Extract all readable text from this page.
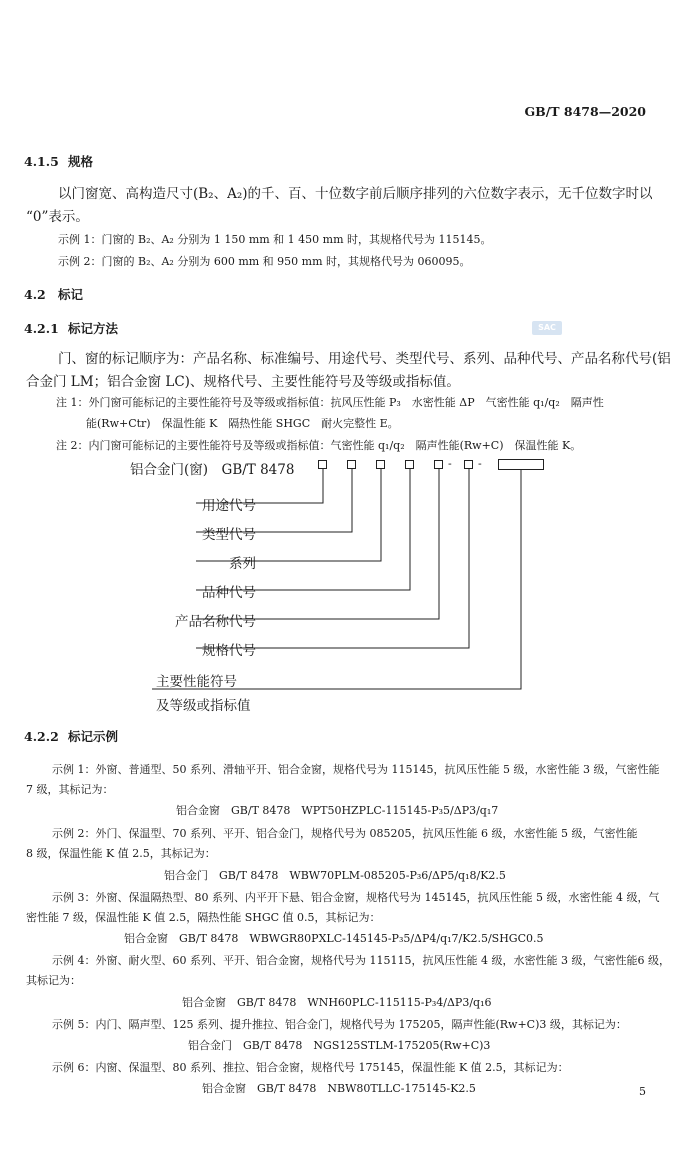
GB/T 8478—2020
4.1.5 规格
以门窗宽、高构造尺寸(B₂、A₂)的千、百、十位数字前后顺序排列的六位数字表示，无千位数字时以
“0”表示。
示例 1：门窗的 B₂、A₂ 分别为 1 150 mm 和 1 450 mm 时，其规格代号为 115145。
示例 2：门窗的 B₂、A₂ 分别为 600 mm 和 950 mm 时，其规格代号为 060095。
4.2 标记
4.2.1 标记方法	SAC
门、窗的标记顺序为：产品名称、标准编号、用途代号、类型代号、系列、品种代号、产品名称代号(铝
合金门 LM；铝合金窗 LC)、规格代号、主要性能符号及等级或指标值。
注 1：外门窗可能标记的主要性能符号及等级或指标值：抗风压性能 P₃　水密性能 ΔP　气密性能 q₁/q₂　隔声性
能(Rw+Ctr)　保温性能 K　隔热性能 SHGC　耐火完整性 E。
注 2：内门窗可能标记的主要性能符号及等级或指标值：气密性能 q₁/q₂　隔声性能(Rw+C)　保温性能 K。
铝合金门(窗)　GB/T 8478	- -
用途代号
类型代号
系列
品种代号
产品名称代号
规格代号
主要性能符号
及等级或指标值
4.2.2 标记示例
示例 1：外窗、普通型、50 系列、滑轴平开、铝合金窗，规格代号为 115145，抗风压性能 5 级，水密性能 3 级，气密性能
7 级，其标记为：
铝合金窗　GB/T 8478　WPT50HZPLC-115145-P₃5/ΔP3/q₁7
示例 2：外门、保温型、70 系列、平开、铝合金门，规格代号为 085205，抗风压性能 6 级，水密性能 5 级，气密性能
8 级，保温性能 K 值 2.5，其标记为：
铝合金门　GB/T 8478　WBW70PLM-085205-P₃6/ΔP5/q₁8/K2.5
示例 3：外窗、保温隔热型、80 系列、内平开下悬、铝合金窗，规格代号为 145145，抗风压性能 5 级，水密性能 4 级，气
密性能 7 级，保温性能 K 值 2.5，隔热性能 SHGC 值 0.5，其标记为：
铝合金窗　GB/T 8478　WBWGR80PXLC-145145-P₃5/ΔP4/q₁7/K2.5/SHGC0.5
示例 4：外窗、耐火型、60 系列、平开、铝合金窗，规格代号为 115115，抗风压性能 4 级，水密性能 3 级，气密性能6 级，
其标记为：
铝合金窗　GB/T 8478　WNH60PLC-115115-P₃4/ΔP3/q₁6
示例 5：内门、隔声型、125 系列、提升推拉、铝合金门，规格代号为 175205，隔声性能(Rw+C)3 级，其标记为：
铝合金门　GB/T 8478　NGS125STLM-175205(Rw+C)3
示例 6：内窗、保温型、80 系列、推拉、铝合金窗，规格代号 175145，保温性能 K 值 2.5，其标记为：
铝合金窗　GB/T 8478　NBW80TLLC-175145-K2.5	5
